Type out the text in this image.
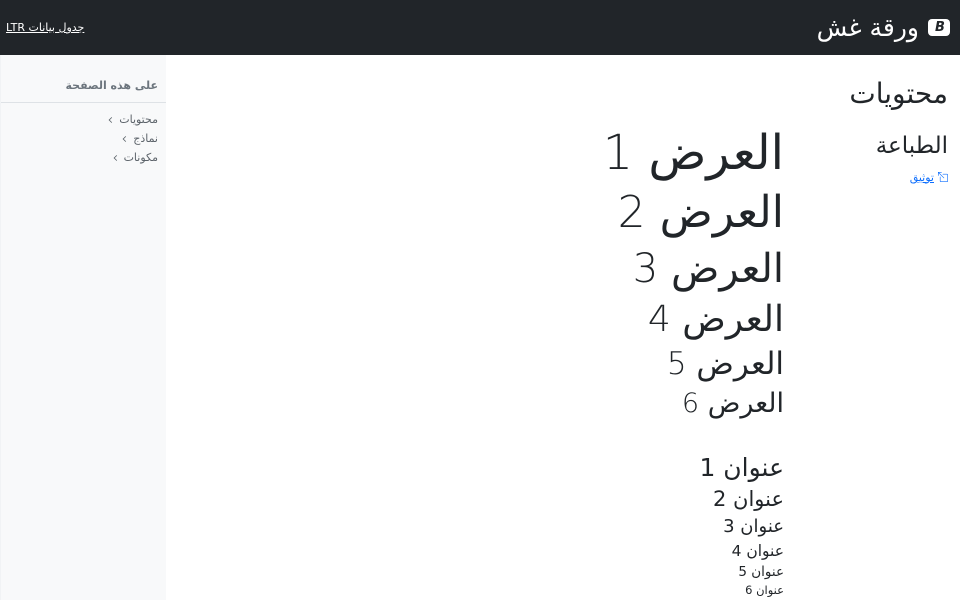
B
ورقة غش
جدول بيانات LTR
محتويات
الطباعة
توثيق

العرض 1

العرض 2

العرض 3

العرض 4

العرض 5

العرض 6

عنوان 1
عنوان 2
عنوان 3
عنوان 4
عنوان 5
عنوان 6
على هذه الصفحة
محتويات
نماذج
مكونات
